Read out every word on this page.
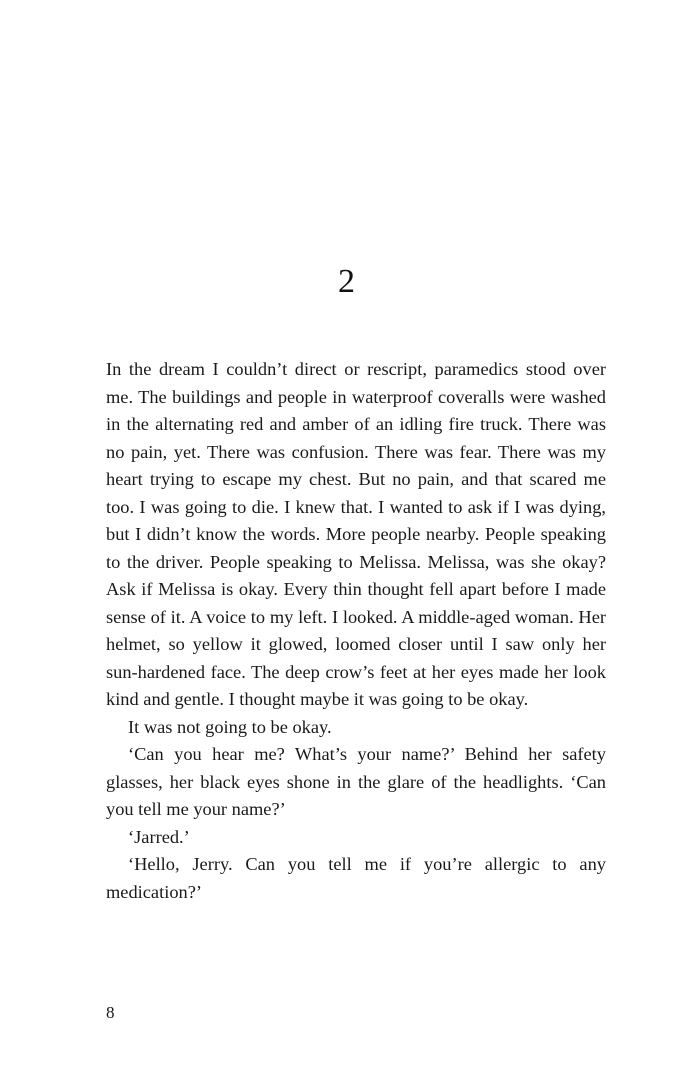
2

In the dream I couldn’t direct or rescript, paramedics stood over me. The buildings and people in waterproof coveralls were washed in the alternating red and amber of an idling fire truck. There was no pain, yet. There was confusion. There was fear. There was my heart trying to escape my chest. But no pain, and that scared me too. I was going to die. I knew that. I wanted to ask if I was dying, but I didn’t know the words. More people nearby. People speaking to the driver. People speaking to Melissa. Melissa, was she okay? Ask if Melissa is okay. Every thin thought fell apart before I made sense of it. A voice to my left. I looked. A middle-aged woman. Her helmet, so yellow it glowed, loomed closer until I saw only her sun-hardened face. The deep crow’s feet at her eyes made her look kind and gentle. I thought maybe it was going to be okay.

It was not going to be okay.

‘Can you hear me? What’s your name?’ Behind her safety glasses, her black eyes shone in the glare of the headlights. ‘Can you tell me your name?’

‘Jarred.’

‘Hello, Jerry. Can you tell me if you’re allergic to any medication?’

8
